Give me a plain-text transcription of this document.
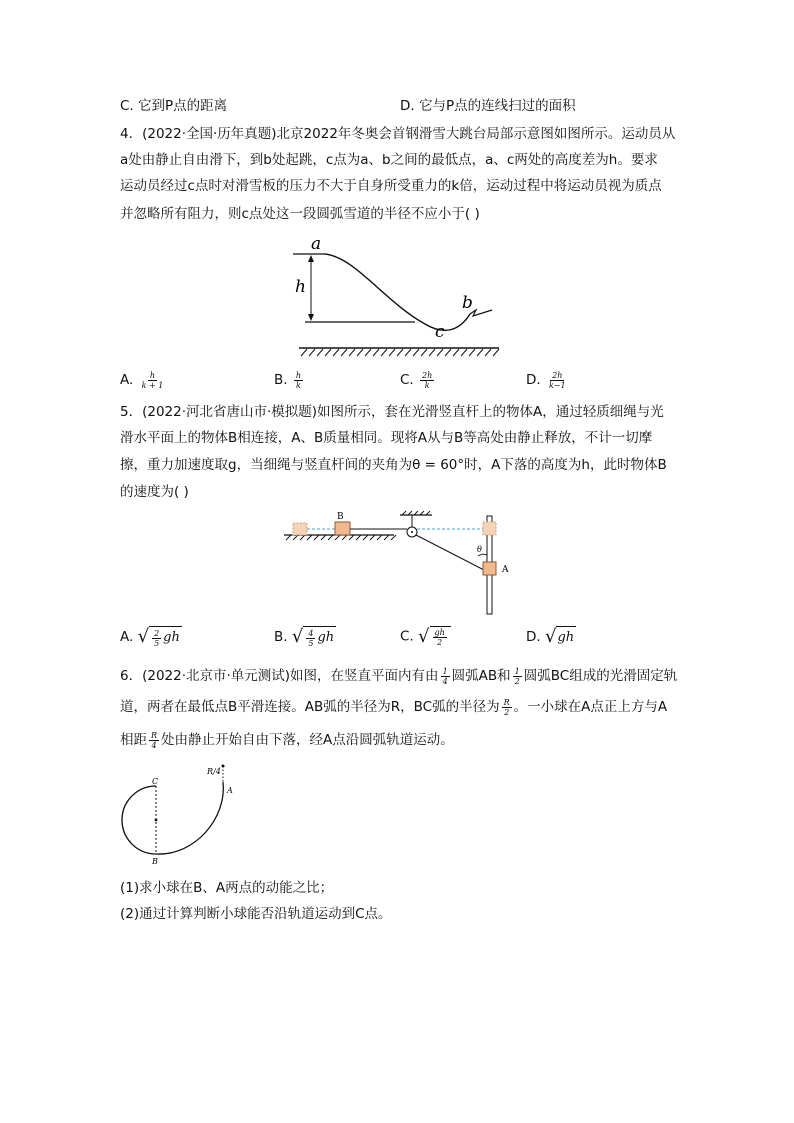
C. 它到P点的距离	D. 它与P点的连线扫过的面积
4．(2022·全国·历年真题)北京2022年冬奥会首钢滑雪大跳台局部示意图如图所示。运动员从
a处由静止自由滑下，到b处起跳，c点为a、b之间的最低点，a、c两处的高度差为h。要求
运动员经过c点时对滑雪板的压力不大于自身所受重力的k倍，运动过程中将运动员视为质点
并忽略所有阻力，则c点处这一段圆弧雪道的半径不应小于( )
a
h
b
c
A. $\frac{h}{k + 1}$	B. $\frac{h}{k}$	C. $\frac{2h}{k}$	D. $\frac{2h}{k-1}$
5．(2022·河北省唐山市·模拟题)如图所示，套在光滑竖直杆上的物体A，通过轻质细绳与光
滑水平面上的物体B相连接，A、B质量相同。现将A从与B等高处由静止释放，不计一切摩
擦，重力加速度取g，当细绳与竖直杆间的夹角为θ = 60°时，A下落的高度为h，此时物体B
的速度为( )
B
A
θ
A. √ $\frac{2}{5}$ gh	B. √ $\frac{4}{5}$ gh	C. √ $\frac{gh}{2}$	D. √ gh
6．(2022·北京市·单元测试)如图，在竖直平面内有由 $\frac{1}{4}$ 圆弧AB和 $\frac{1}{2}$ 圆弧BC组成的光滑固定轨
道，两者在最低点B平滑连接。AB弧的半径为R，BC弧的半径为 $\frac{R}{2}$ 。一小球在A点正上方与A
相距 $\frac{R}{4}$ 处由静止开始自由下落，经A点沿圆弧轨道运动。
R/4
A
B
C
(1)求小球在B、A两点的动能之比；
(2)通过计算判断小球能否沿轨道运动到C点。
